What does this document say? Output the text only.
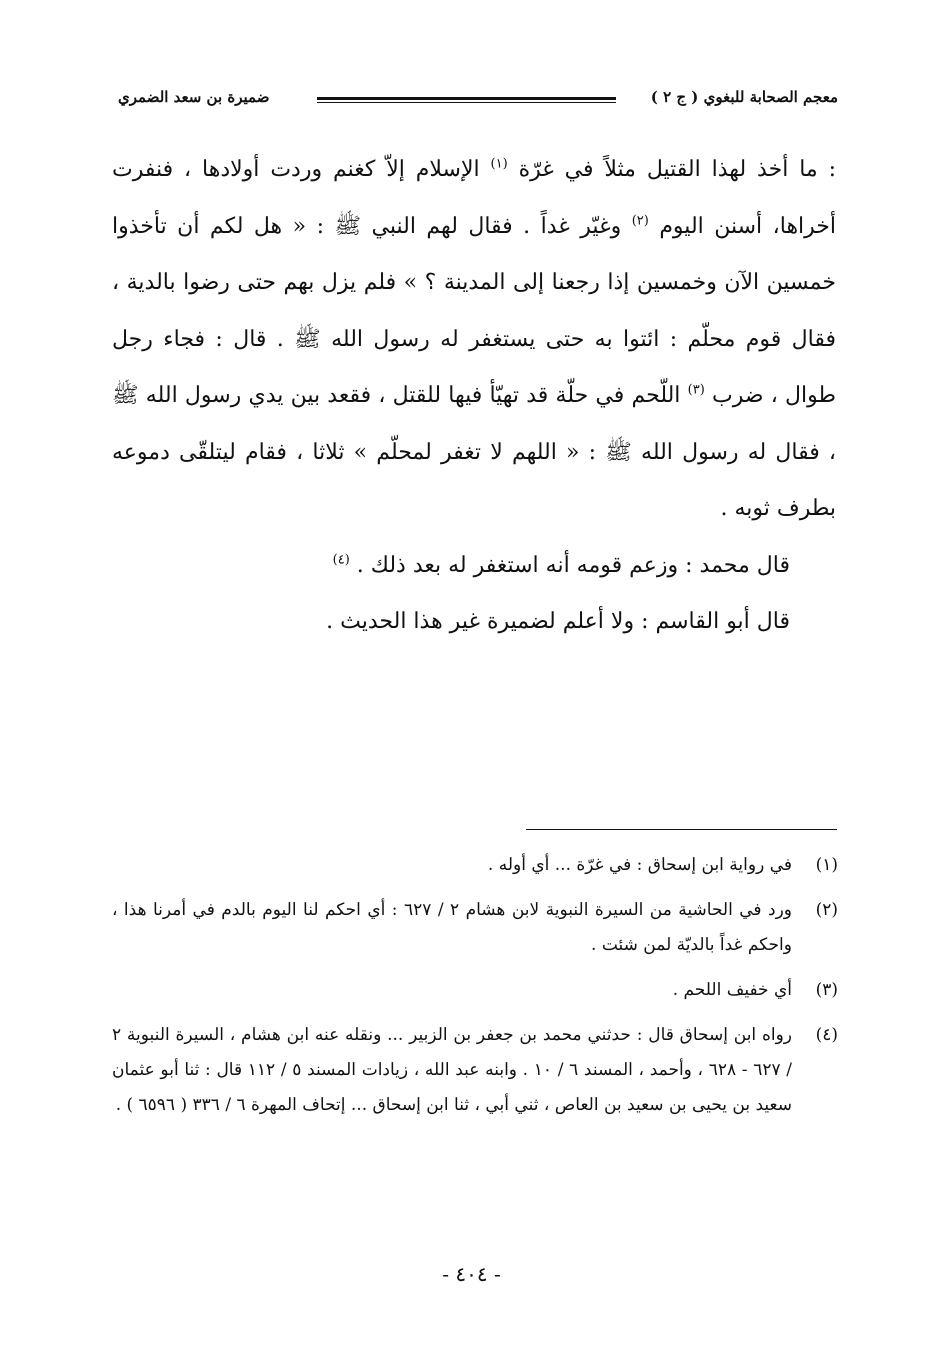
معجم الصحابة للبغوي ( ج ٢ )
ضميرة بن سعد الضمري

: ما أخذ لهذا القتيل مثلاً في غرّة $^{(١)}$ الإسلام إلاّ كغنم وردت أولادها ، فنفرت أخراها، أسنن اليوم $^{(٢)}$ وغيّر غداً . فقال لهم النبي ﷺ : « هل لكم أن تأخذوا خمسين الآن وخمسين إذا رجعنا إلى المدينة ؟ » فلم يزل بهم حتى رضوا بالدية ، فقال قوم محلّم : ائتوا به حتى يستغفر له رسول الله ﷺ . قال : فجاء رجل طوال ، ضرب $^{(٣)}$ اللّحم في حلّة قد تهيّأ فيها للقتل ، فقعد بين يدي رسول الله ﷺ ، فقال له رسول الله ﷺ : « اللهم لا تغفر لمحلّم » ثلاثا ، فقام ليتلقّى دموعه بطرف ثوبه .

قال محمد : وزعم قومه أنه استغفر له بعد ذلك . $^{(٤)}$

قال أبو القاسم : ولا أعلم لضميرة غير هذا الحديث .

(١)
في رواية ابن إسحاق : في غرّة ... أي أوله .

(٢)
ورد في الحاشية من السيرة النبوية لابن هشام ٢ / ٦٢٧ : أي احكم لنا اليوم بالدم في أمرنا هذا ، واحكم غداً بالديّة لمن شئت .

(٣)
أي خفيف اللحم .

(٤)
رواه ابن إسحاق قال : حدثني محمد بن جعفر بن الزبير ... ونقله عنه ابن هشام ، السيرة النبوية ٢ / ٦٢٧ - ٦٢٨ ، وأحمد ، المسند ٦ / ١٠ . وابنه عبد الله ، زيادات المسند ٥ / ١١٢ قال : ثنا أبو عثمان سعيد بن يحيى بن سعيد بن العاص ، ثني أبي ، ثنا ابن إسحاق ... إتحاف المهرة ٦ / ٣٣٦ ( ٦٥٩٦ ) .

- ٤٠٤ -
